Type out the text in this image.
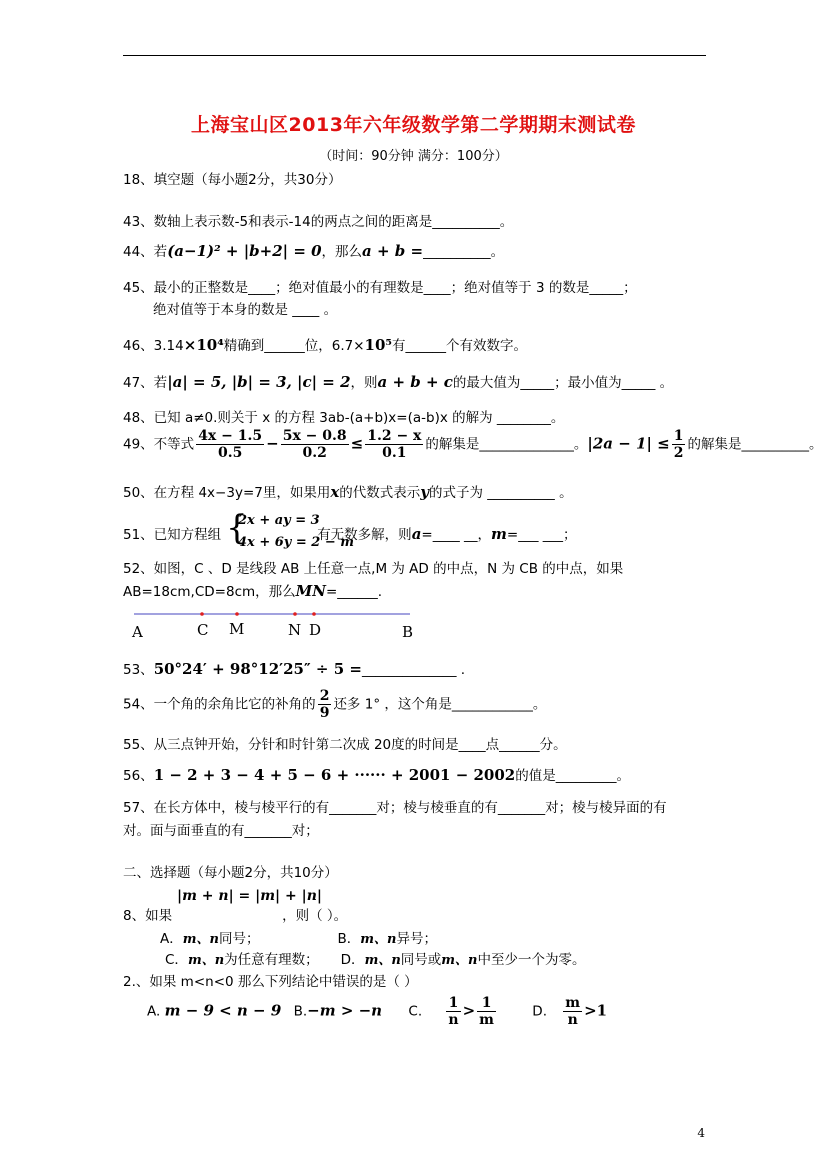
上海宝山区2013年六年级数学第二学期期末测试卷
（时间：90分钟 满分：100分）
18、填空题（每小题2分，共30分）
43、数轴上表示数-5和表示-14的两点之间的距离是__________。
44、若(a−1)² + |b+2| = 0，那么a + b =__________。
45、最小的正整数是____；绝对值最小的有理数是____；绝对值等于 3 的数是_____；
绝对值等于本身的数是 ____ 。
46、3.14×10⁴精确到______位，6.7×10⁵有______个有效数字。
47、若|a| = 5, |b| = 3, |c| = 2，则a + b + c的最大值为_____；最小值为_____ 。
48、已知 a≠0.则关于 x 的方程 3ab-(a+b)x=(a-b)x 的解为 ________。
49、不等式 $\frac{4x - 1.5}{0.5} - \frac{5x - 0.8}{0.2} \le \frac{1.2 - x}{0.1}$ 的解集是______________。$|2a - 1| \le \frac{1}{2}$ 的解集是__________。
50、在方程 4x−3y=7里，如果用x的代数式表示y的式子为 __________ 。
51、已知方程组	有无数多解，则a=____ __，m=___ ___；
{
2x + ay = 3
4x + 6y = 2 − m
52、如图，C 、D 是线段 AB 上任意一点,M 为 AD 的中点，N 为 CB 的中点，如果
AB=18cm,CD=8cm，那么MN=______.
A	C M	N D	B
53、50°24′ + 98°12′25″ ÷ 5 =______________ .
54、一个角的余角比它的补角的 $\frac{2}{9}$ 还多 1° ，这个角是____________。
55、从三点钟开始，分针和时针第二次成 20度的时间是____点______分。
56、1 − 2 + 3 − 4 + 5 − 6 + ······ + 2001 − 2002的值是_________。
57、在长方体中，棱与棱平行的有_______对；棱与棱垂直的有_______对；棱与棱异面的有
对。面与面垂直的有_______对；
二、选择题（每小题2分，共10分）
|m + n| = |m| + |n|
8、如果	，则（ ）。
A．m、n同号；	B．m、n异号；
C．m、n为任意有理数； D．m、n同号或m、n中至少一个为零。
2.、如果 m<n<0 那么下列结论中错误的是（ ）
A. m − 9 < n − 9 B.−m > −n C. $\frac{1}{n} > \frac{1}{m}$	D. $\frac{m}{n} >1$
4
